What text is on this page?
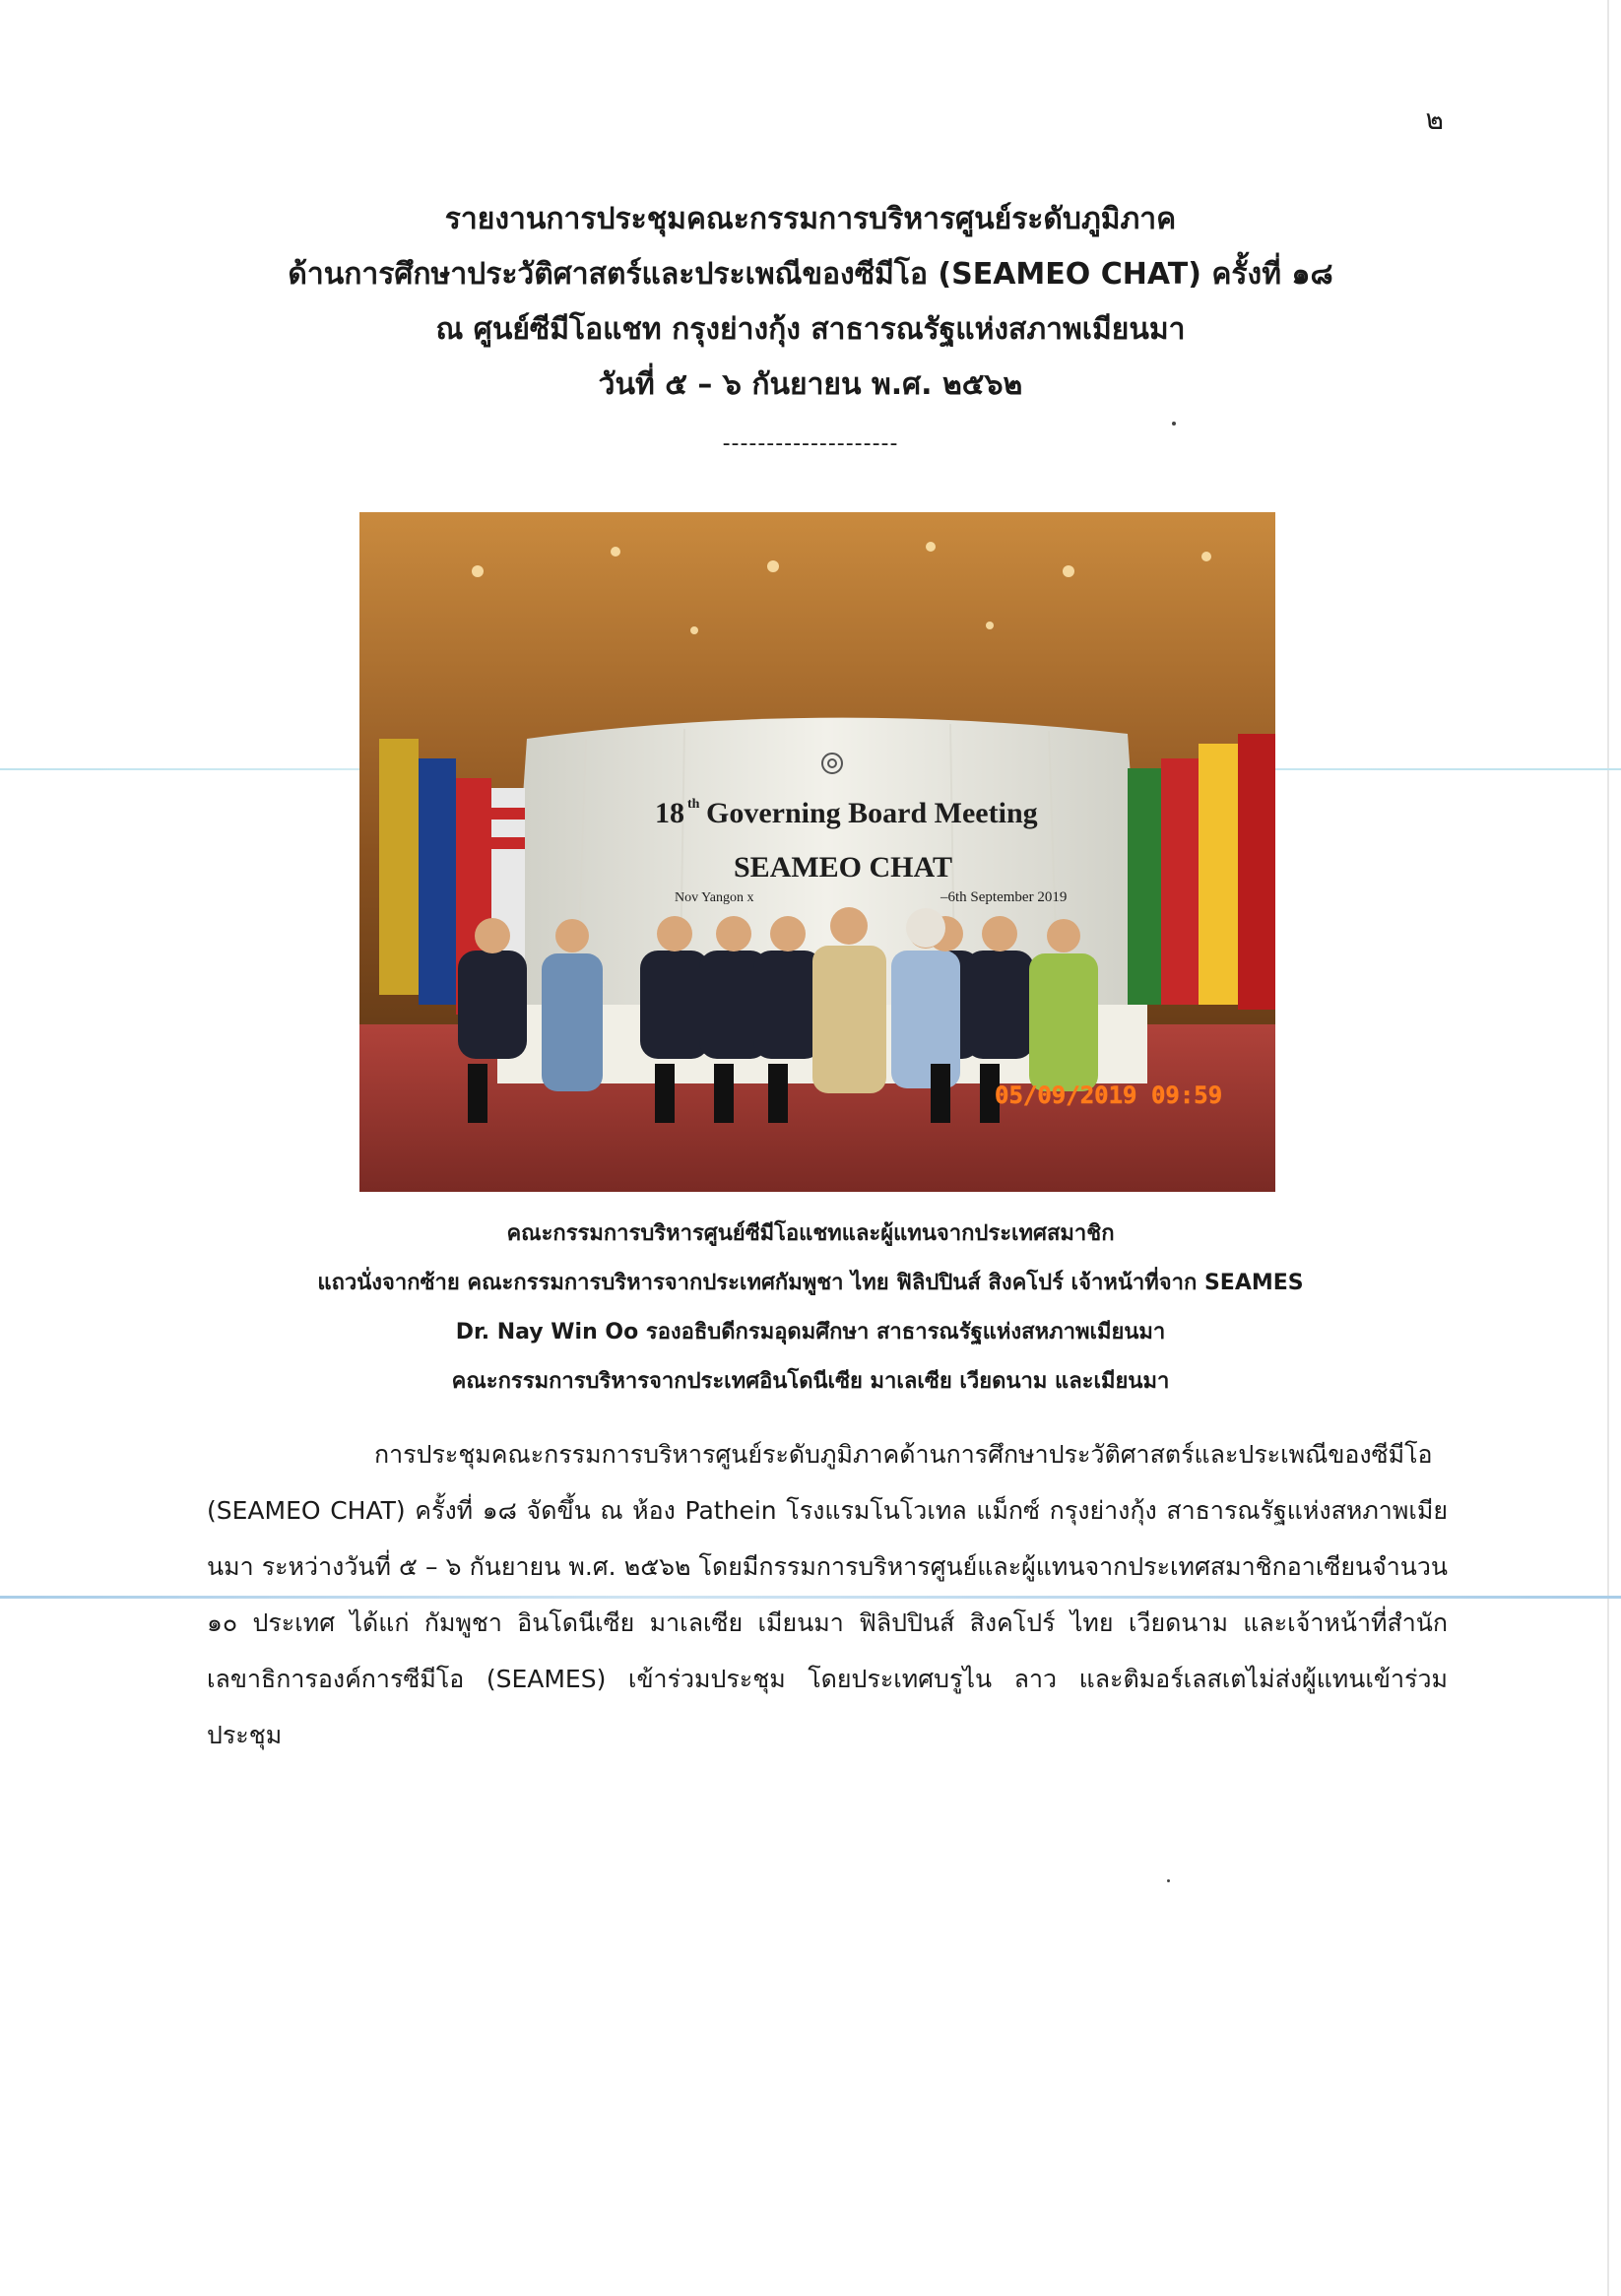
๒
รายงานการประชุมคณะกรรมการบริหารศูนย์ระดับภูมิภาค
ด้านการศึกษาประวัติศาสตร์และประเพณีของซีมีโอ (SEAMEO CHAT) ครั้งที่ ๑๘
ณ ศูนย์ซีมีโอแชท กรุงย่างกุ้ง สาธารณรัฐแห่งสภาพเมียนมา
วันที่ ๕ – ๖ กันยายน พ.ศ. ๒๕๖๒
--------------------
18 th Governing Board Meeting
SEAMEO CHAT
Nov Yangon x	–6th September 2019
05/09/2019 09:59
คณะกรรมการบริหารศูนย์ซีมีโอแชทและผู้แทนจากประเทศสมาชิก
แถวนั่งจากซ้าย คณะกรรมการบริหารจากประเทศกัมพูชา ไทย ฟิลิปปินส์ สิงคโปร์ เจ้าหน้าที่จาก SEAMES
Dr. Nay Win Oo รองอธิบดีกรมอุดมศึกษา สาธารณรัฐแห่งสหภาพเมียนมา
คณะกรรมการบริหารจากประเทศอินโดนีเซีย มาเลเซีย เวียดนาม และเมียนมา
การประชุมคณะกรรมการบริหารศูนย์ระดับภูมิภาคด้านการศึกษาประวัติศาสตร์และประเพณีของซีมีโอ (SEAMEO CHAT) ครั้งที่ ๑๘ จัดขึ้น ณ ห้อง Pathein โรงแรมโนโวเทล แม็กซ์ กรุงย่างกุ้ง สาธารณรัฐแห่งสหภาพเมียนมา ระหว่างวันที่ ๕ – ๖ กันยายน พ.ศ. ๒๕๖๒ โดยมีกรรมการบริหารศูนย์และผู้แทนจากประเทศสมาชิกอาเซียนจำนวน ๑๐ ประเทศ ได้แก่ กัมพูชา อินโดนีเซีย มาเลเซีย เมียนมา ฟิลิปปินส์ สิงคโปร์ ไทย เวียดนาม และเจ้าหน้าที่สำนักเลขาธิการองค์การซีมีโอ (SEAMES) เข้าร่วมประชุม โดยประเทศบรูไน ลาว และติมอร์เลสเตไม่ส่งผู้แทนเข้าร่วมประชุม
